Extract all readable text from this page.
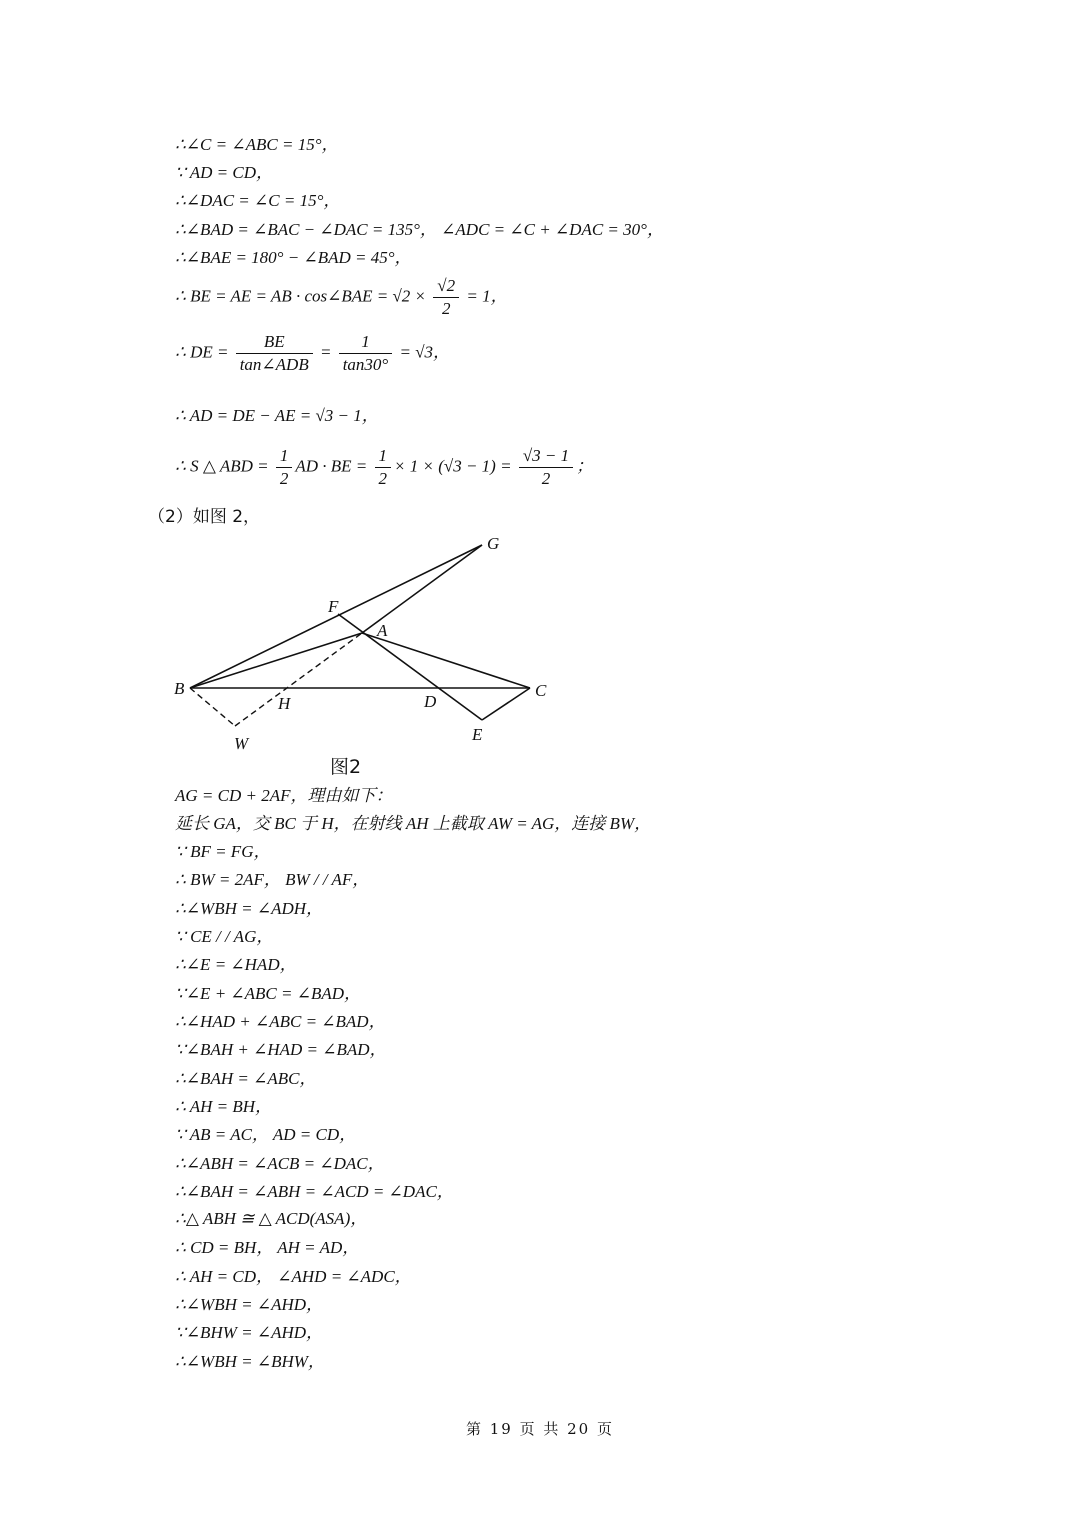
∴∠C = ∠ABC = 15°，
∵ AD = CD，
∴∠DAC = ∠C = 15°，
∴∠BAD = ∠BAC − ∠DAC = 135°， ∠ADC = ∠C + ∠DAC = 30°，
∴∠BAE = 180° − ∠BAD = 45°，
∴ BE = AE = AB · cos∠BAE = $√2 \times \frac{√2}{2} = 1$，
∴ DE = $\frac{BE}{\text{tan∠ADB}} = \frac{1}{\tan 30^\circ} = √3$，
∴ AD = DE − AE = √3 − 1，
∴ S △ ABD = $\frac{1}{2}$ AD · BE = $\frac{1}{2} \times 1 \times (√3 - 1) = \frac{√3 - 1}{2}$ ；
（2）如图 2，
G
F
A
B
H	D
C
W	E
图2
AG = CD + 2AF，理由如下：
延长 GA，交 BC 于 H，在射线 AH 上截取 AW = AG，连接 BW，
∵ BF = FG，
∴ BW = 2AF， BW / / AF，
∴∠WBH = ∠ADH，
∵ CE / / AG，
∴∠E = ∠HAD，
∵∠E + ∠ABC = ∠BAD，
∴∠HAD + ∠ABC = ∠BAD，
∵∠BAH + ∠HAD = ∠BAD，
∴∠BAH = ∠ABC，
∴ AH = BH，
∵ AB = AC， AD = CD，
∴∠ABH = ∠ACB = ∠DAC，
∴∠BAH = ∠ABH = ∠ACD = ∠DAC，
∴△ ABH ≅ △ ACD(ASA)，
∴ CD = BH， AH = AD，
∴ AH = CD， ∠AHD = ∠ADC，
∴∠WBH = ∠AHD，
∵∠BHW = ∠AHD，
∴∠WBH = ∠BHW，
第 19 页 共 20 页
